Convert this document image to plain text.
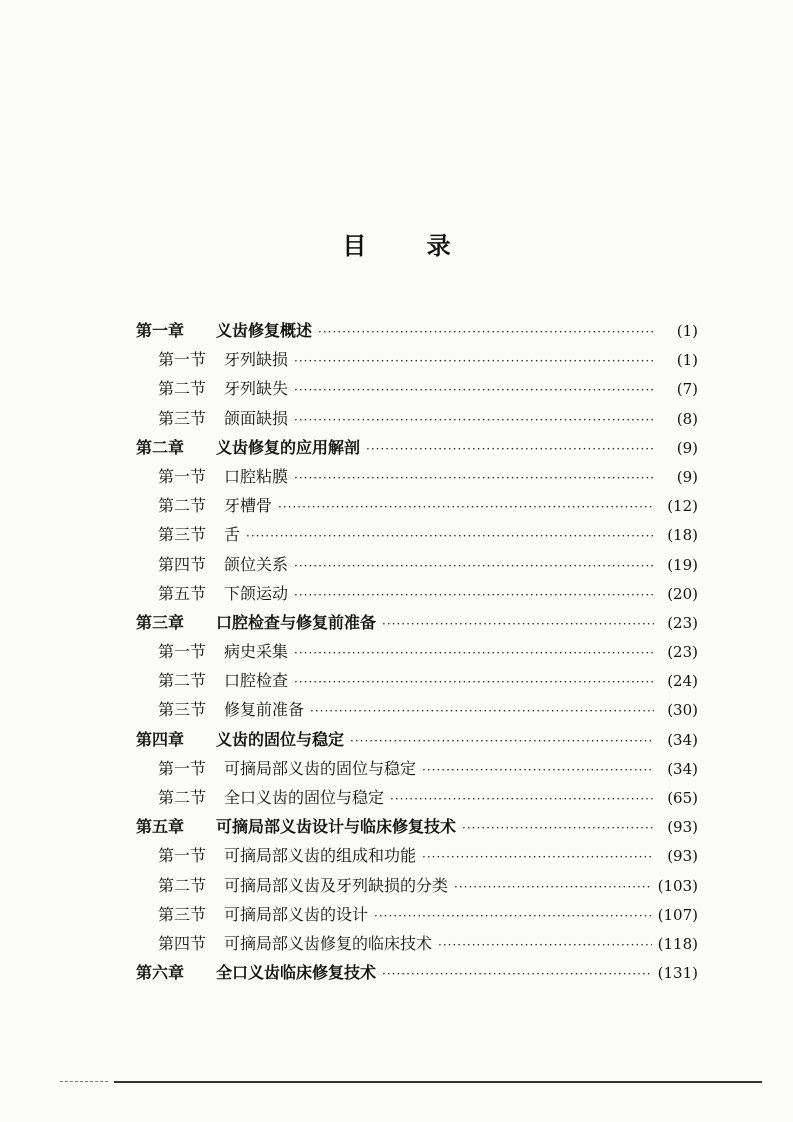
目 录
第一章	义齿修复概述 ·····	(1)
第一节	牙列缺损 ·····	(1)
第二节	牙列缺失 ·····	(7)
第三节	颌面缺损 ·····	(8)
第二章	义齿修复的应用解剖 ·····	(9)
第一节	口腔粘膜 ·····	(9)
第二节	牙槽骨 ·····	(12)
第三节	舌 ·····	(18)
第四节	颌位关系 ·····	(19)
第五节	下颌运动 ·····	(20)
第三章	口腔检查与修复前准备 ·····	(23)
第一节	病史采集 ·····	(23)
第二节	口腔检查 ·····	(24)
第三节	修复前准备 ·····	(30)
第四章	义齿的固位与稳定 ·····	(34)
第一节	可摘局部义齿的固位与稳定 ·····	(34)
第二节	全口义齿的固位与稳定 ·····	(65)
第五章	可摘局部义齿设计与临床修复技术 ·····	(93)
第一节	可摘局部义齿的组成和功能 ·····	(93)
第二节	可摘局部义齿及牙列缺损的分类 ·····	(103)
第三节	可摘局部义齿的设计 ·····	(107)
第四节	可摘局部义齿修复的临床技术 ·····	(118)
第六章	全口义齿临床修复技术 ·····	(131)
